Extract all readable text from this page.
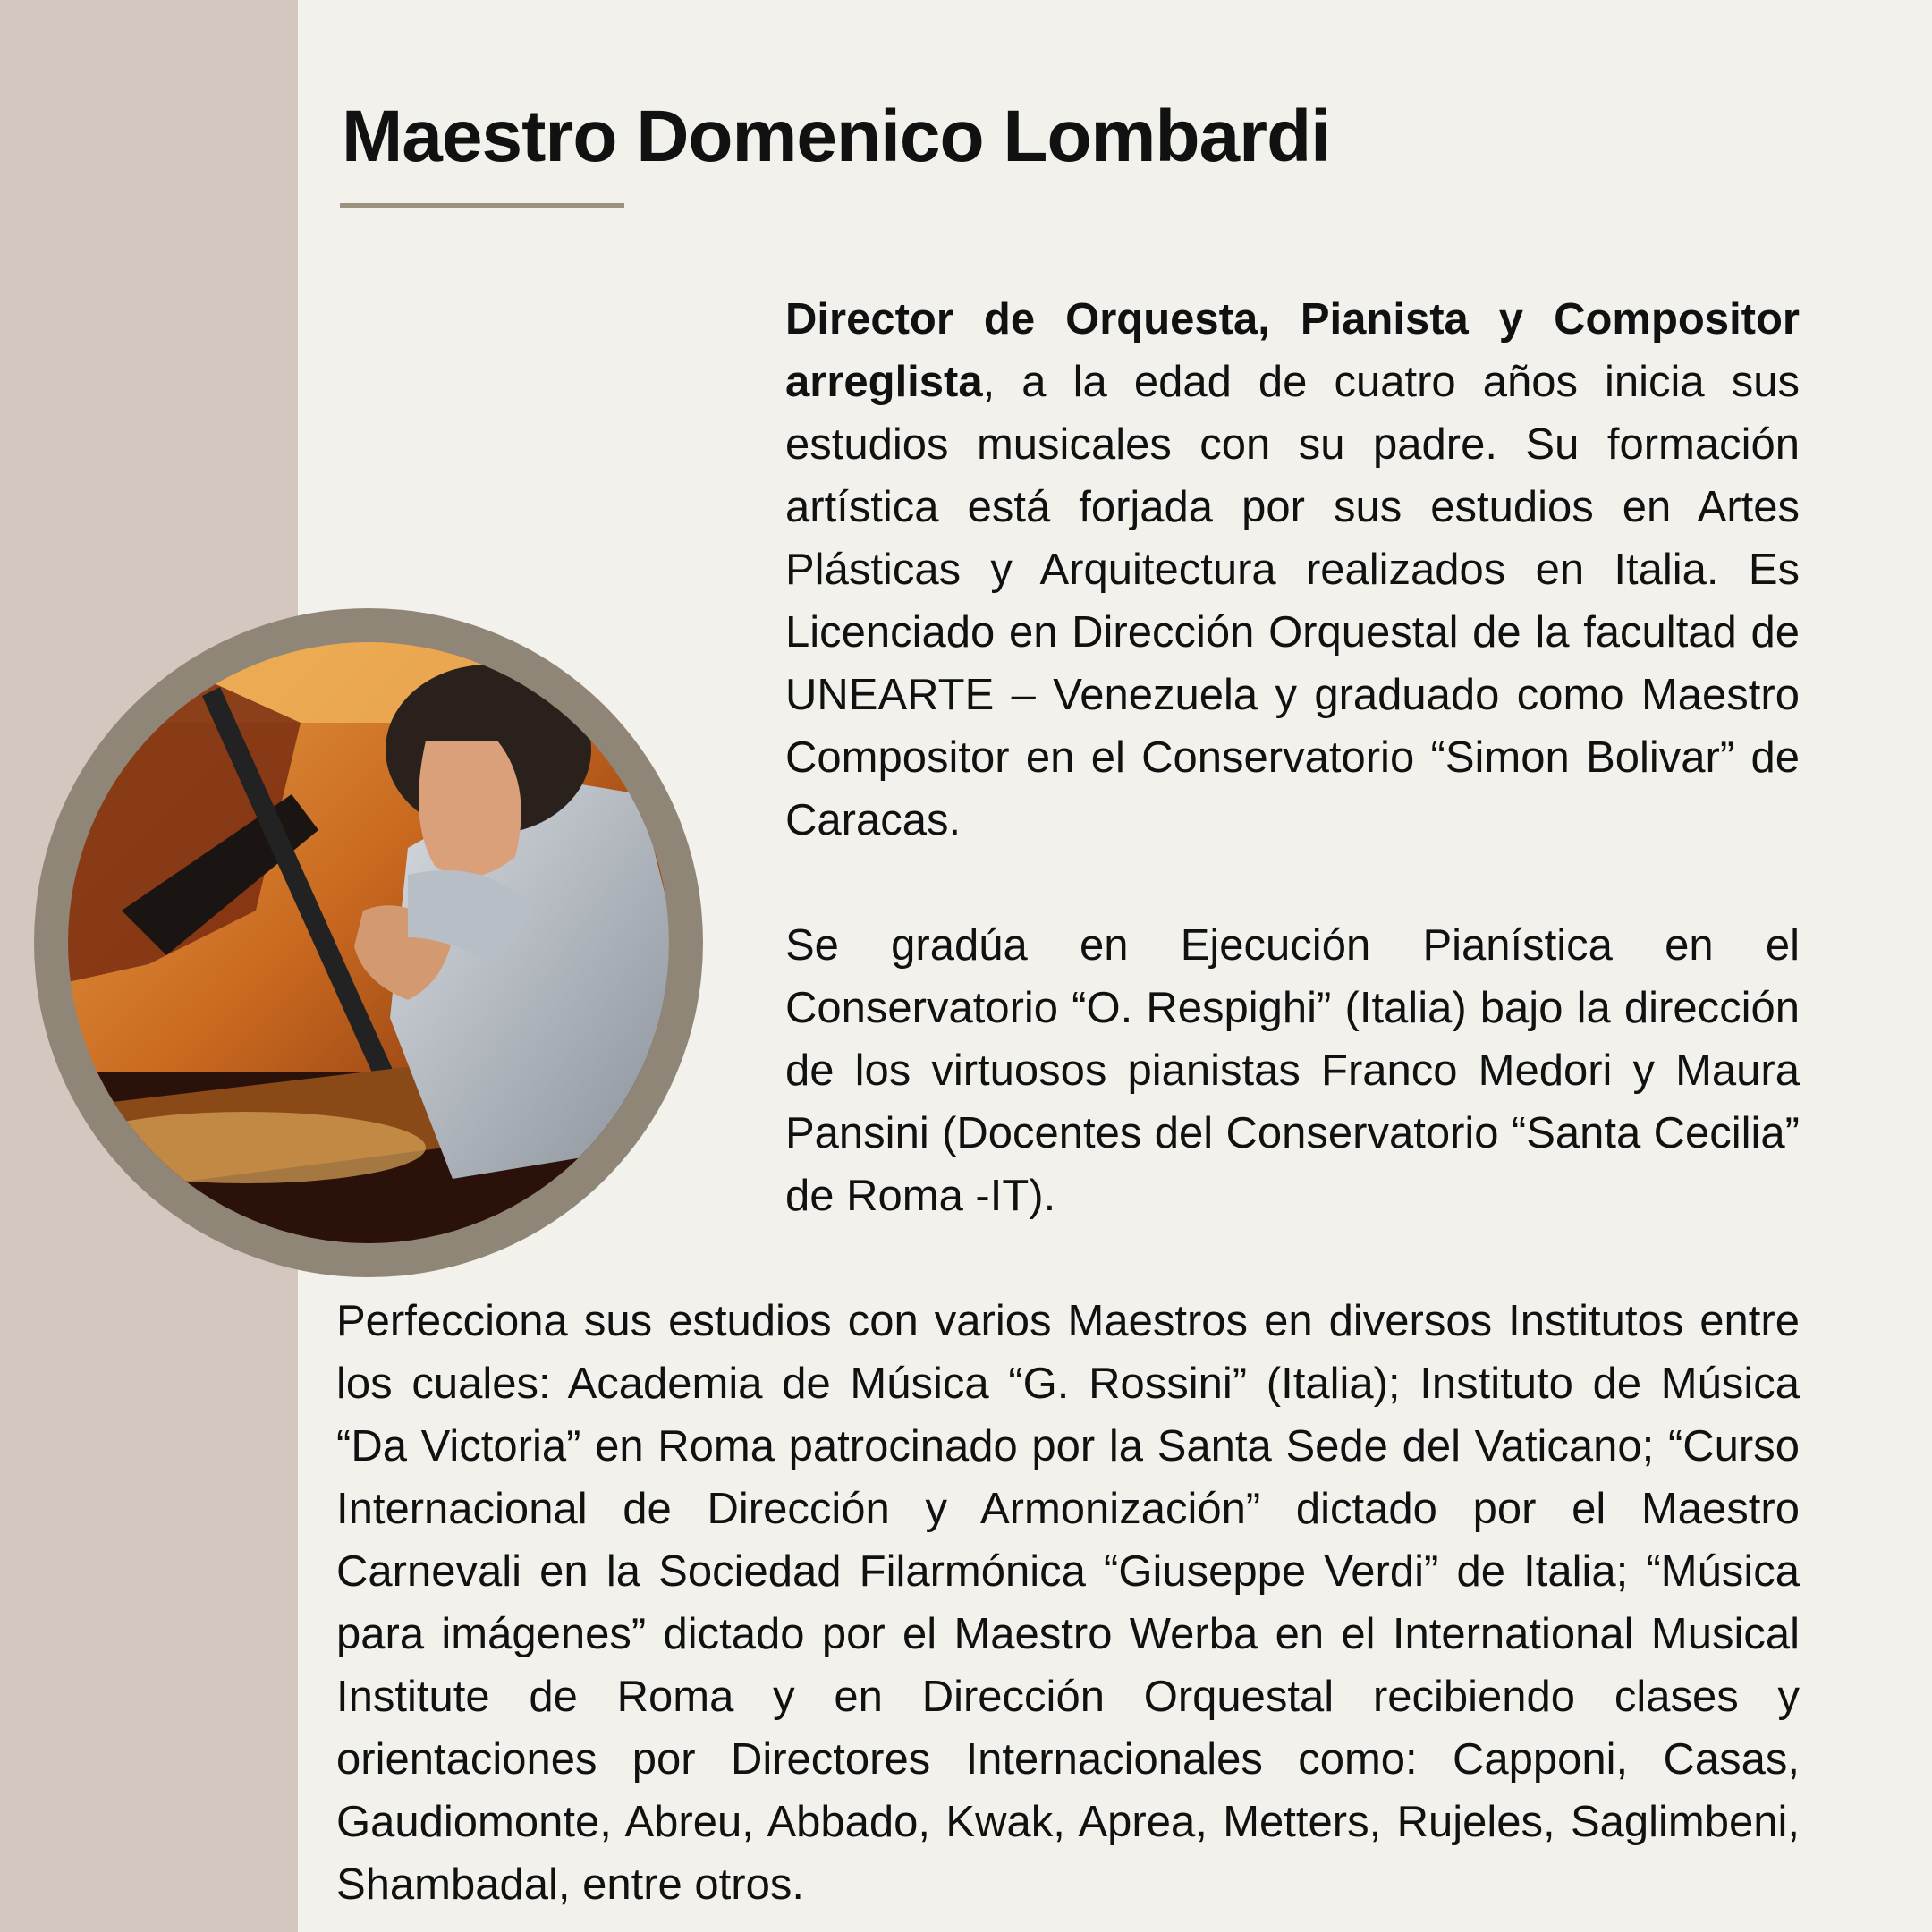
Maestro Domenico Lombardi

Director de Orquesta, Pianista y Compositor arreglista, a la edad de cuatro años inicia sus estudios musicales con su padre. Su formación artística está forjada por sus estudios en Artes Plásticas y Arquitectura realizados en Italia. Es Licenciado en Dirección Orquestal de la facultad de UNEARTE – Venezuela y graduado como Maestro Compositor en el Conservatorio “Simon Bolivar” de Caracas.

Se gradúa en Ejecución Pianística en el Conservatorio “O. Respighi” (Italia) bajo la dirección de los virtuosos pianistas Franco Medori y Maura Pansini (Docentes del Conservatorio “Santa Cecilia” de Roma -IT).

Perfecciona sus estudios con varios Maestros en diversos Institutos entre los cuales: Academia de Música “G. Rossini” (Italia); Instituto de Música “Da Victoria” en Roma patrocinado por la Santa Sede del Vaticano; “Curso Internacional de Dirección y Armonización” dictado por el Maestro Carnevali en la Sociedad Filarmónica “Giuseppe Verdi” de Italia; “Música para imágenes” dictado por el Maestro Werba en el International Musical Institute de Roma y en Dirección Orquestal recibiendo clases y orientaciones por Directores Internacionales como: Capponi, Casas, Gaudiomonte, Abreu, Abbado, Kwak, Aprea, Metters, Rujeles, Saglimbeni, Shambadal, entre otros.
